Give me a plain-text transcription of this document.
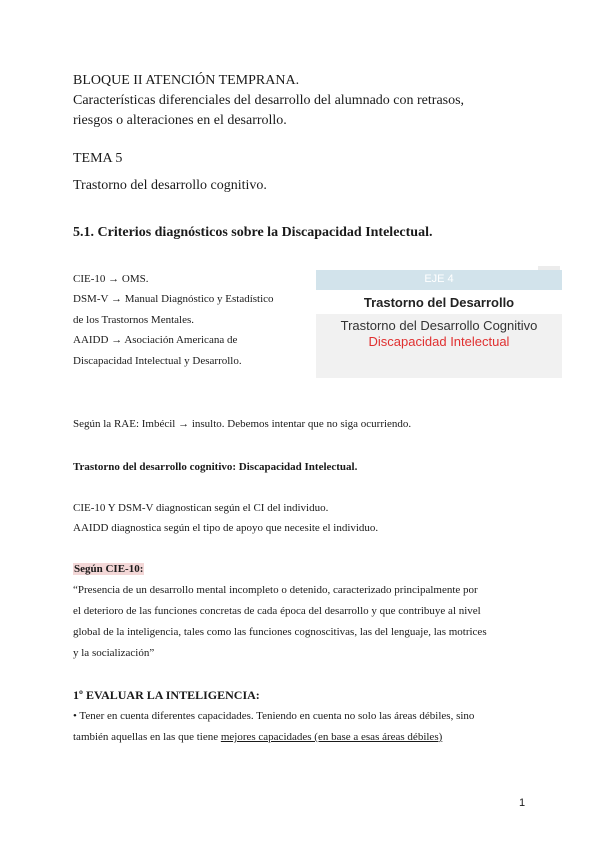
BLOQUE II ATENCIÓN TEMPRANA.
Características diferenciales del desarrollo del alumnado con retrasos,
riesgos o alteraciones en el desarrollo.
TEMA 5
Trastorno del desarrollo cognitivo.
5.1. Criterios diagnósticos sobre la Discapacidad Intelectual.
CIE-10 → OMS.
DSM-V → Manual Diagnóstico y Estadístico
de los Trastornos Mentales.
AAIDD → Asociación Americana de
Discapacidad Intelectual y Desarrollo.
EJE 4
Trastorno del Desarrollo
Trastorno del Desarrollo Cognitivo
Discapacidad Intelectual
Según la RAE: Imbécil → insulto. Debemos intentar que no siga ocurriendo.
Trastorno del desarrollo cognitivo: Discapacidad Intelectual.
CIE-10 Y DSM-V diagnostican según el CI del individuo.
AAIDD diagnostica según el tipo de apoyo que necesite el individuo.
Según CIE-10:
“Presencia de un desarrollo mental incompleto o detenido, caracterizado principalmente por
el deterioro de las funciones concretas de cada época del desarrollo y que contribuye al nivel
global de la inteligencia, tales como las funciones cognoscitivas, las del lenguaje, las motrices
y la socialización”
1º EVALUAR LA INTELIGENCIA:
• Tener en cuenta diferentes capacidades. Teniendo en cuenta no solo las áreas débiles, sino
también aquellas en las que tiene mejores capacidades (en base a esas áreas débiles)
1
